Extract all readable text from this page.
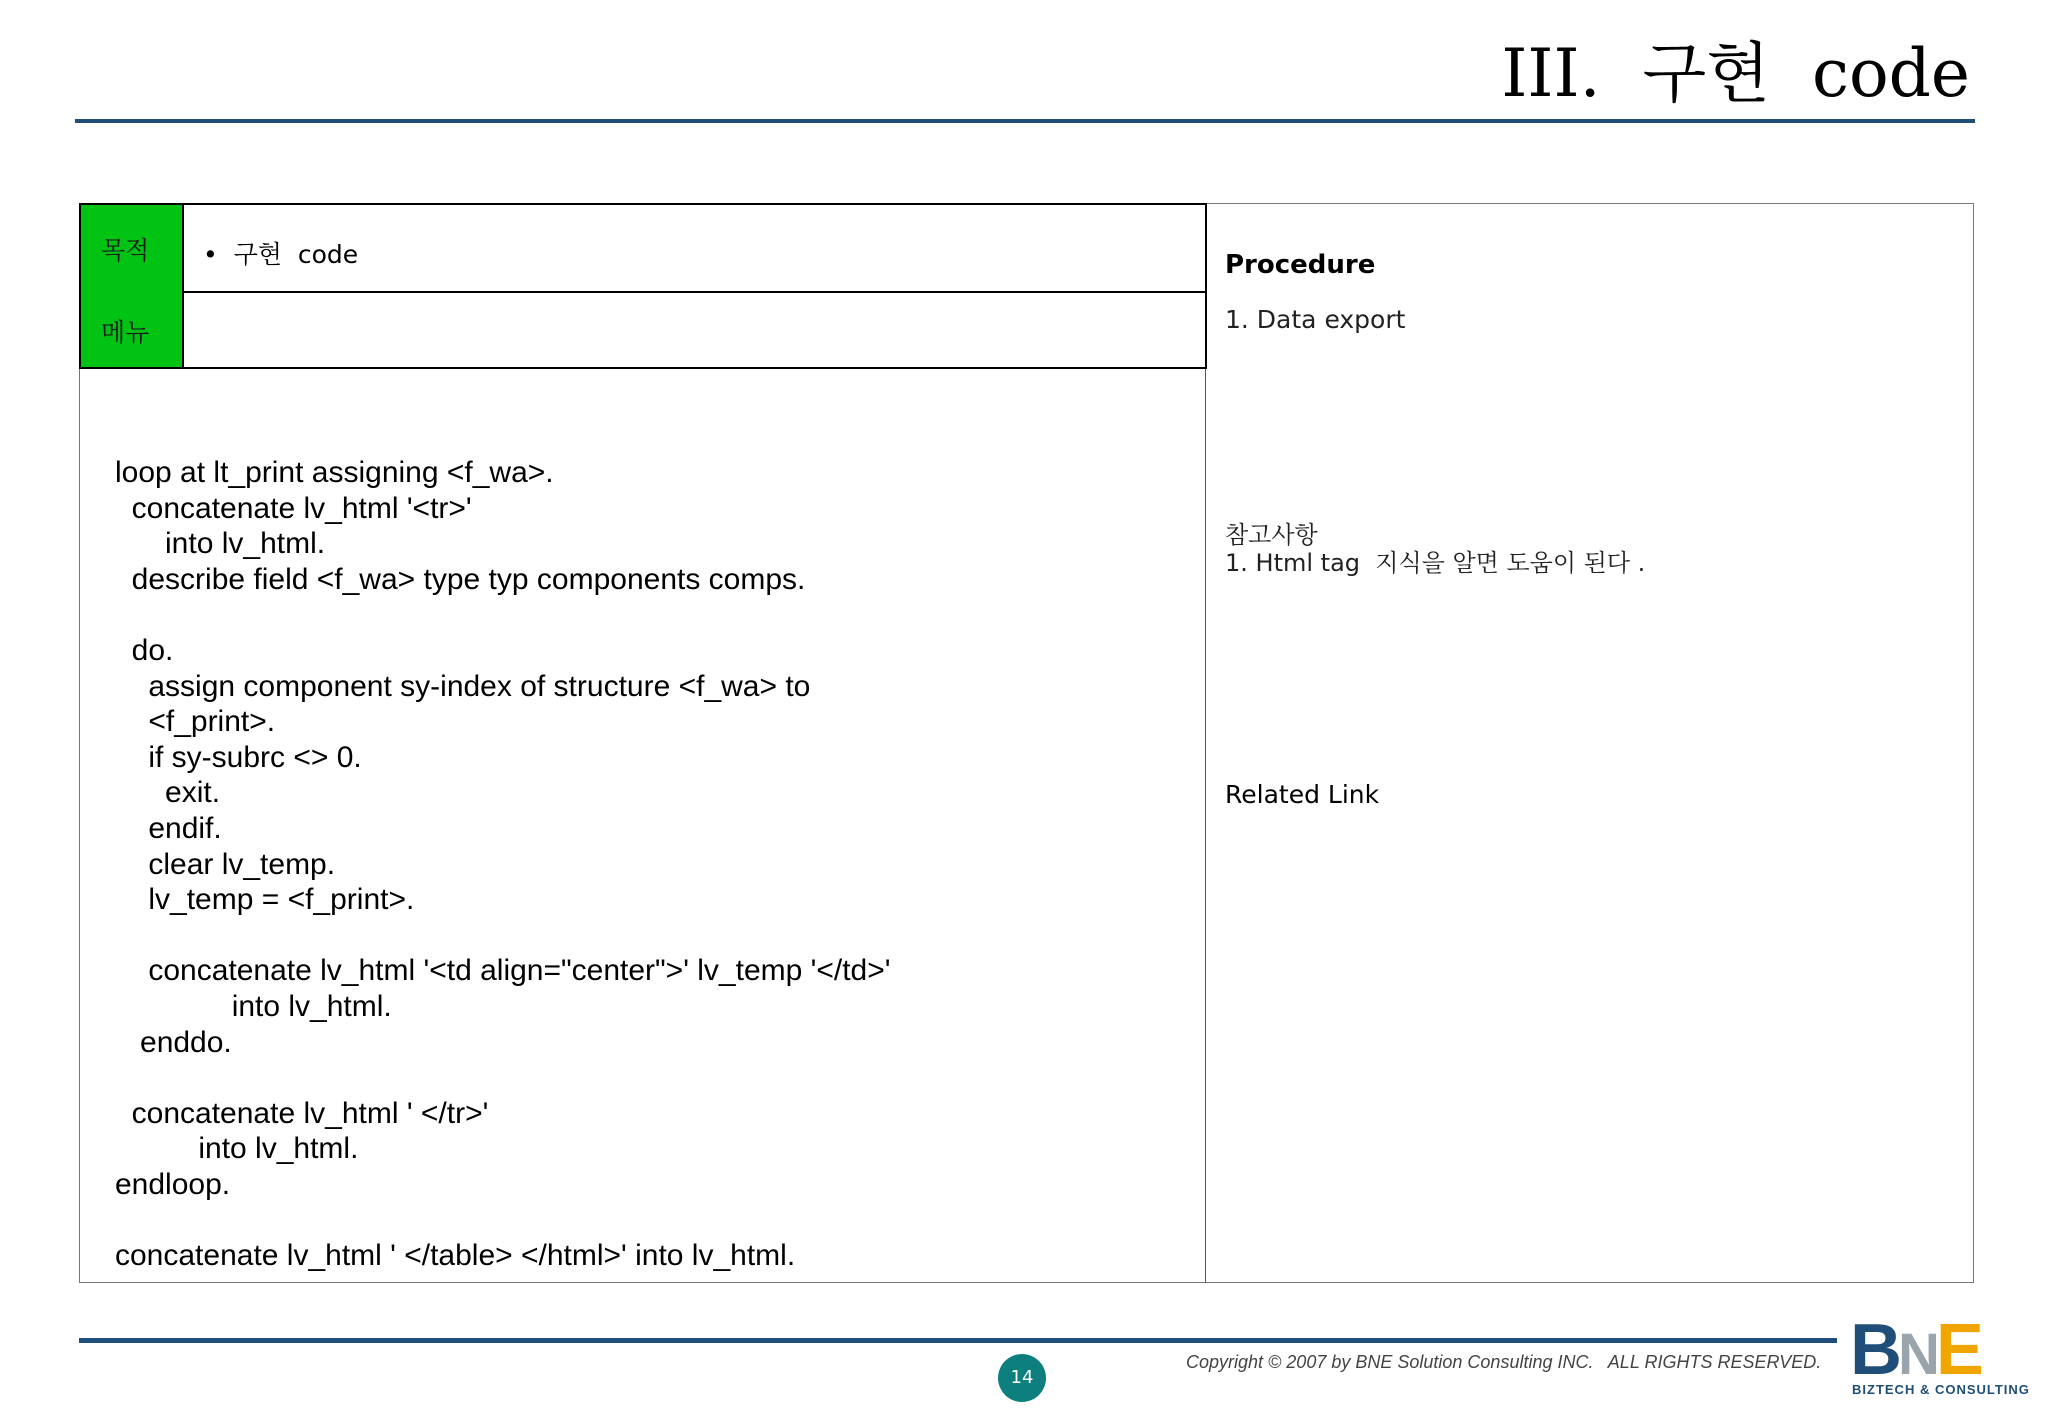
III.  구현  code
목적	• 구현  code
메뉴
loop at lt_print assigning <f_wa>.
concatenate lv_html '<tr>'
into lv_html.
describe field <f_wa> type typ components comps.

do.
assign component sy-index of structure <f_wa> to
<f_print>.
if sy-subrc <> 0.
exit.
endif.
clear lv_temp.
lv_temp = <f_print>.

concatenate lv_html '<td align="center">' lv_temp '</td>'
into lv_html.
enddo.

concatenate lv_html ' </tr>'
into lv_html.
endloop.

concatenate lv_html ' </table> </html>' into lv_html.
Procedure
1. Data export
참고사항
1. Html tag  지식을 알면 도움이 된다 .
Related Link
14
Copyright © 2007 by BNE Solution Consulting INC.   ALL RIGHTS RESERVED. BNE
BIZTECH & CONSULTING
